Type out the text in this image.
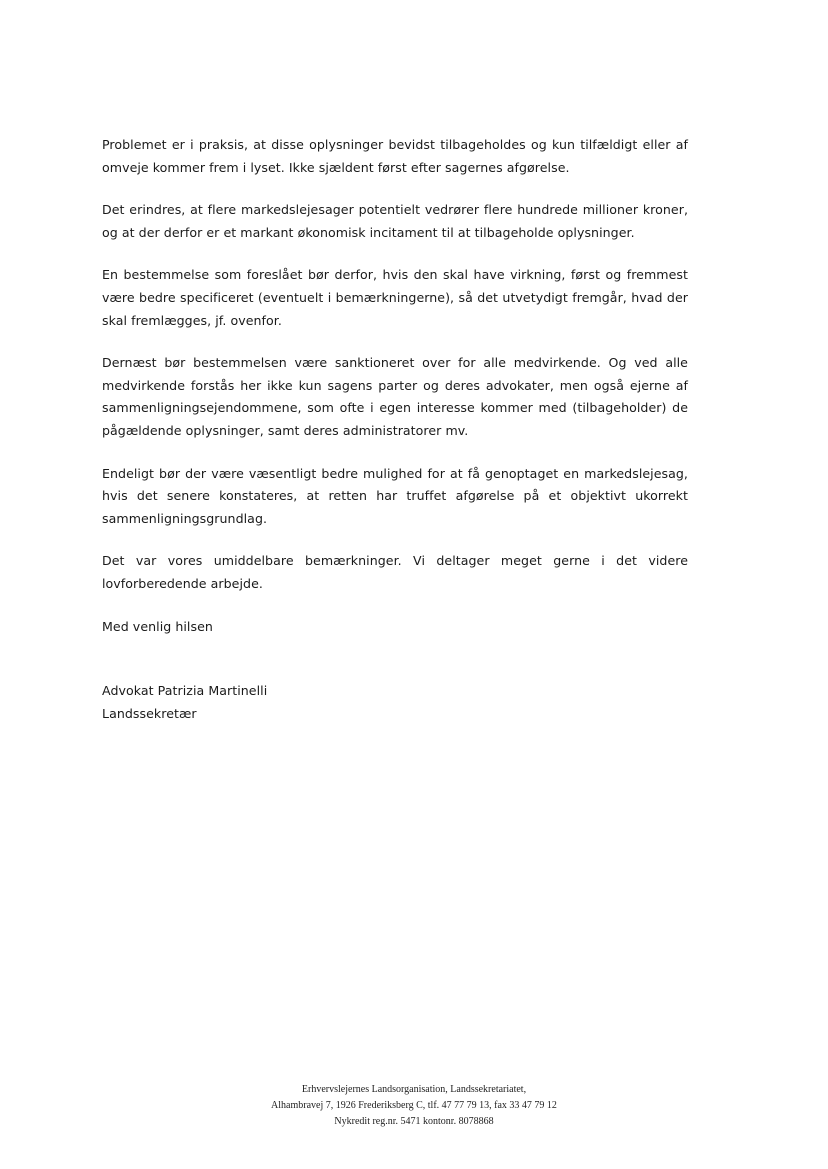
Problemet er i praksis, at disse oplysninger bevidst tilbageholdes og kun tilfældigt eller af omveje kommer frem i lyset. Ikke sjældent først efter sagernes afgørelse.

Det erindres, at flere markedslejesager potentielt vedrører flere hundrede millioner kroner, og at der derfor er et markant økonomisk incitament til at tilbageholde oplysninger.

En bestemmelse som foreslået bør derfor, hvis den skal have virkning, først og fremmest være bedre specificeret (eventuelt i bemærkningerne), så det utvetydigt fremgår, hvad der skal fremlægges, jf. ovenfor.

Dernæst bør bestemmelsen være sanktioneret over for alle medvirkende. Og ved alle medvirkende forstås her ikke kun sagens parter og deres advokater, men også ejerne af sammenligningsejendommene, som ofte i egen interesse kommer med (tilbageholder) de pågældende oplysninger, samt deres administratorer mv.

Endeligt bør der være væsentligt bedre mulighed for at få genoptaget en markedslejesag, hvis det senere konstateres, at retten har truffet afgørelse på et objektivt ukorrekt sammenligningsgrundlag.

Det var vores umiddelbare bemærkninger. Vi deltager meget gerne i det videre lovforberedende arbejde.

Med venlig hilsen

Advokat Patrizia Martinelli
Landssekretær
Erhvervslejernes Landsorganisation, Landssekretariatet,
Alhambravej 7, 1926 Frederiksberg C, tlf. 47 77 79 13, fax 33 47 79 12
Nykredit reg.nr. 5471 kontonr. 8078868
